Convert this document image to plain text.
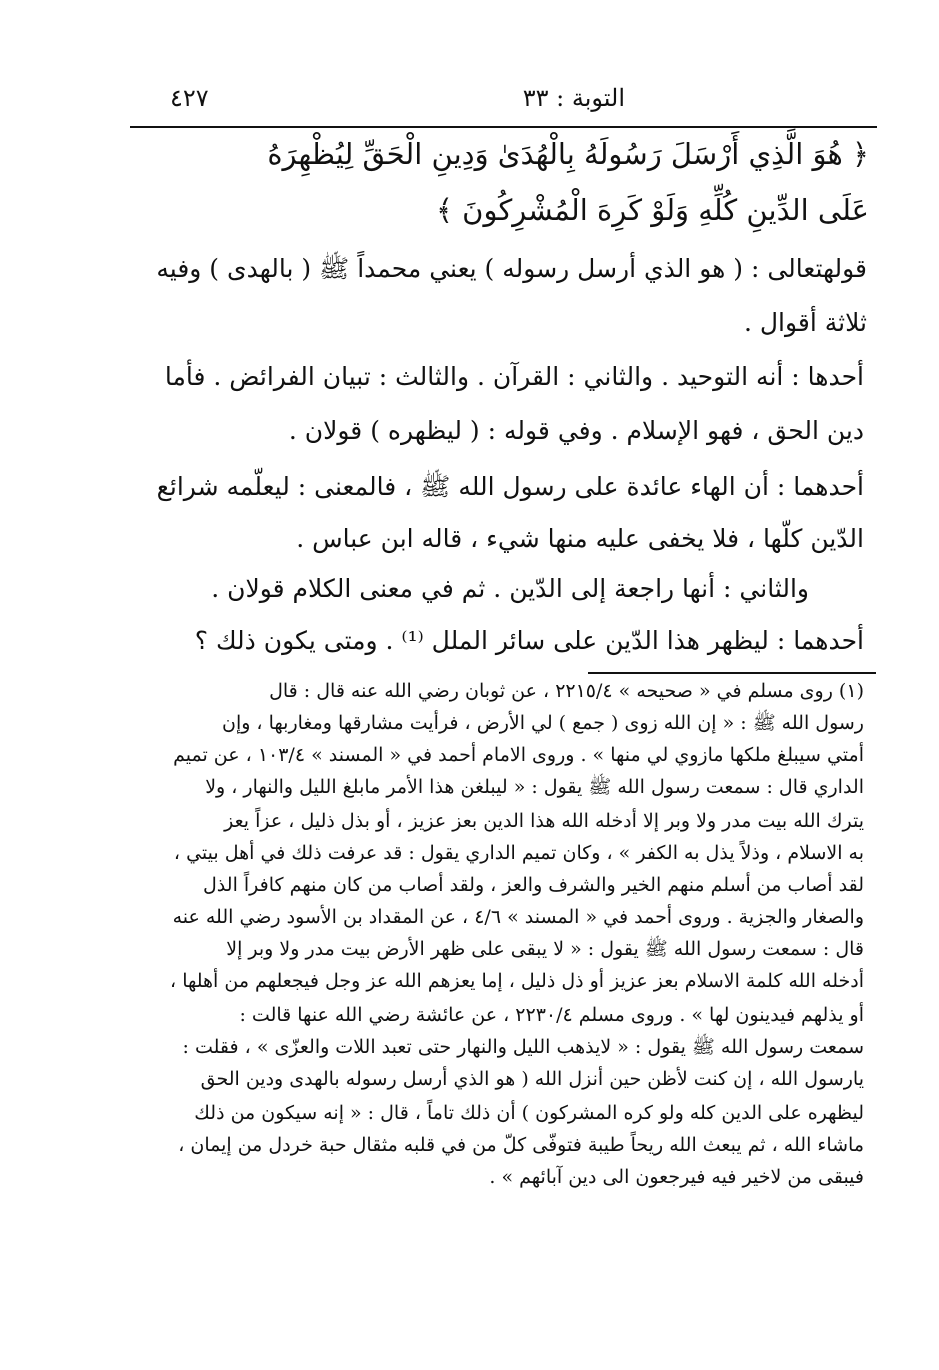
التوبة : ٣٣
٤٢٧
﴿ هُوَ الَّذِي أَرْسَلَ رَسُولَهُ بِالْهُدَىٰ وَدِينِ الْحَقِّ لِيُظْهِرَهُ
عَلَى الدِّينِ كُلِّهِ وَلَوْ كَرِهَ الْمُشْرِكُونَ ﴾
قولهتعالى : ( هو الذي أرسل رسوله ) يعني محمداً ﷺ ( بالهدى ) وفيه
ثلاثة أقوال .
أحدها : أنه التوحيد . والثاني : القرآن . والثالث : تبيان الفرائض . فأما
دين الحق ، فهو الإسلام . وفي قوله : ( ليظهره ) قولان .
أحدهما : أن الهاء عائدة على رسول الله ﷺ ، فالمعنى : ليعلّمه شرائع
الدّين كلّها ، فلا يخفى عليه منها شيء ، قاله ابن عباس .
والثاني : أنها راجعة إلى الدّين . ثم في معنى الكلام قولان .
أحدهما : ليظهر هذا الدّين على سائر الملل ⁽¹⁾ . ومتى يكون ذلك ؟
(١) روى مسلم في « صحيحه » ٢٢١٥/٤ ، عن ثوبان رضي الله عنه قال : قال
رسول الله ﷺ : « إن الله زوى ( جمع ) لي الأرض ، فرأيت مشارقها ومغاربها ، وإن
أمتي سيبلغ ملكها مازوي لي منها » . وروى الامام أحمد في « المسند » ١٠٣/٤ ، عن تميم
الداري قال : سمعت رسول الله ﷺ يقول : « ليبلغن هذا الأمر مابلغ الليل والنهار ، ولا
يترك الله بيت مدر ولا وبر إلا أدخله الله هذا الدين بعز عزيز ، أو بذل ذليل ، عزاً يعز
به الاسلام ، وذلاً يذل به الكفر » ، وكان تميم الداري يقول : قد عرفت ذلك في أهل بيتي ،
لقد أصاب من أسلم منهم الخير والشرف والعز ، ولقد أصاب من كان منهم كافراً الذل
والصغار والجزية . وروى أحمد في « المسند » ٤/٦ ، عن المقداد بن الأسود رضي الله عنه
قال : سمعت رسول الله ﷺ يقول : « لا يبقى على ظهر الأرض بيت مدر ولا وبر إلا
أدخله الله كلمة الاسلام بعز عزيز أو ذل ذليل ، إما يعزهم الله عز وجل فيجعلهم من أهلها ،
أو يذلهم فيدينون لها » . وروى مسلم ٢٢٣٠/٤ ، عن عائشة رضي الله عنها قالت :
سمعت رسول الله ﷺ يقول : « لايذهب الليل والنهار حتى تعبد اللات والعزّى » ، فقلت :
يارسول الله ، إن كنت لأظن حين أنزل الله ( هو الذي أرسل رسوله بالهدى ودين الحق
ليظهره على الدين كله ولو كره المشركون ) أن ذلك تاماً ، قال : « إنه سيكون من ذلك
ماشاء الله ، ثم يبعث الله ريحاً طيبة فتوفّى كلّ من في قلبه مثقال حبة خردل من إيمان ،
فيبقى من لاخير فيه فيرجعون الى دين آبائهم » .
